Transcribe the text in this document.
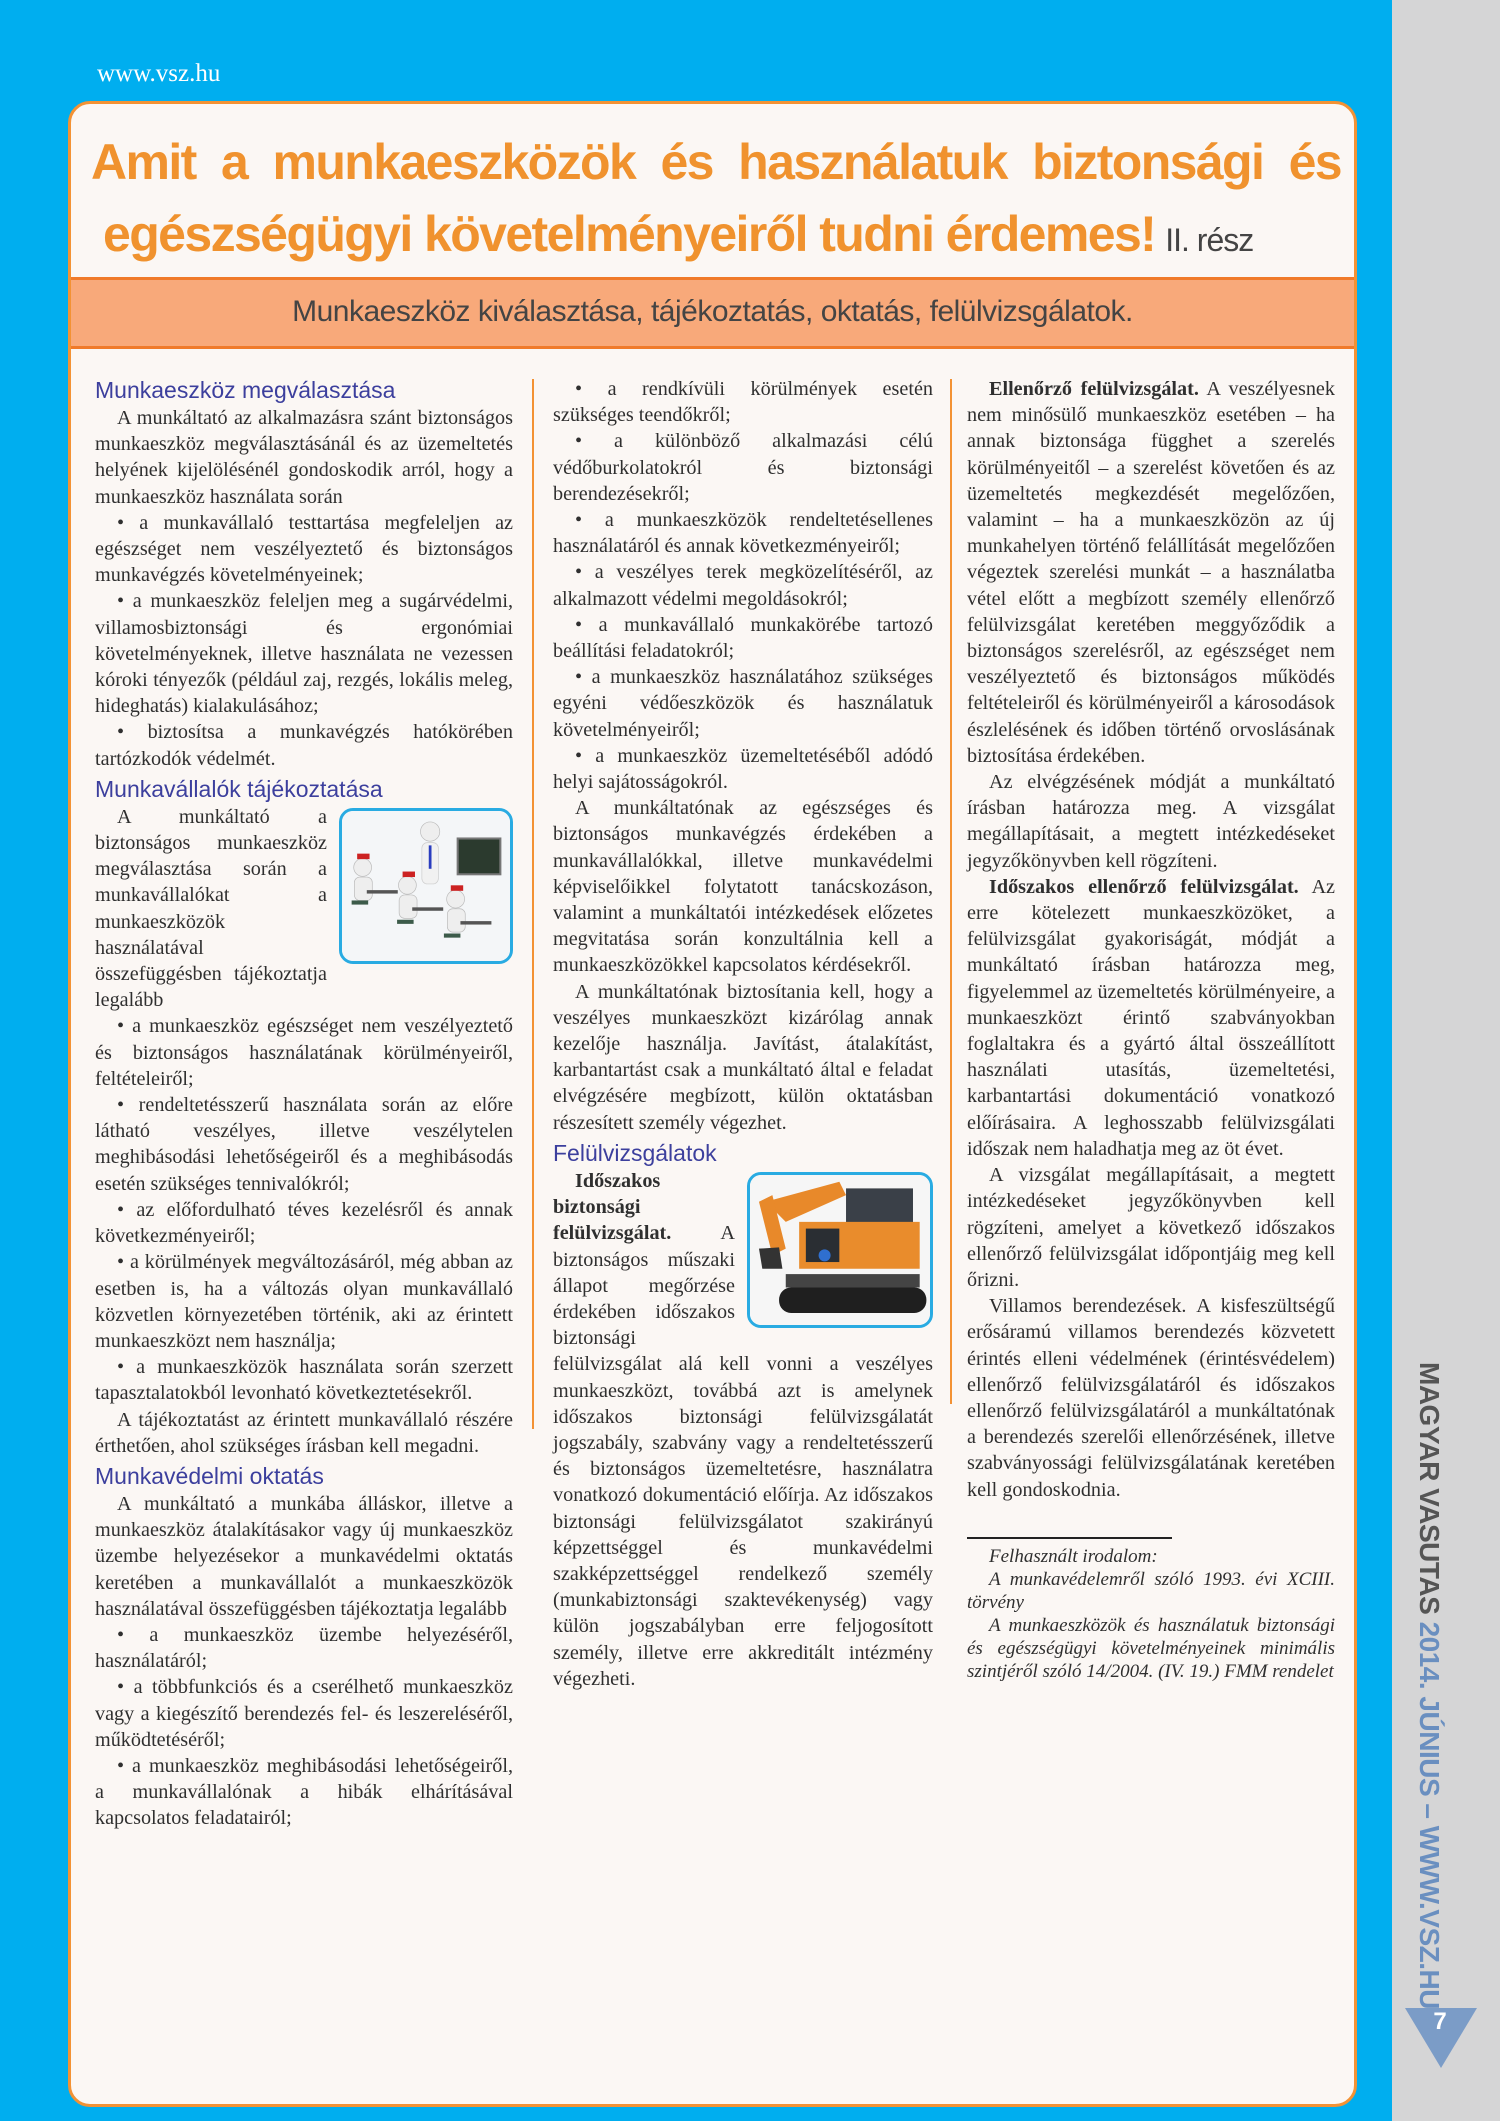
www.vsz.hu
Amit a munkaeszközök és használatuk biztonsági és
egészségügyi követelményeiről tudni érdemes! II. rész
Munkaeszköz kiválasztása, tájékoztatás, oktatás, felülvizsgálatok.
Munkaeszköz megválasztása

A munkáltató az alkalmazásra szánt biztonságos munkaeszköz megválasztásánál és az üzemeltetés helyének kijelölésénél gondoskodik arról, hogy a munkaeszköz használata során

• a munkavállaló testtartása megfeleljen az egészséget nem veszélyeztető és biztonságos munkavégzés követelményeinek;

• a munkaeszköz feleljen meg a sugárvédelmi, villamosbiztonsági és ergonómiai követelményeknek, illetve használata ne vezessen kóroki tényezők (például zaj, rezgés, lokális meleg, hideghatás) kialakulásához;

• biztosítsa a munkavégzés hatókörében tartózkodók védelmét.

Munkavállalók tájékoztatása

A munkáltató a biztonságos munkaeszköz megválasztása során a munkavállalókat a munkaeszközök használatával összefüggésben tájékoztatja legalább

• a munkaeszköz egészséget nem veszélyeztető és biztonságos használatának körülményeiről, feltételeiről;

• rendeltetésszerű használata során az előre látható veszélyes, illetve veszélytelen meghibásodási lehetőségeiről és a meghibásodás esetén szükséges tennivalókról;

• az előfordulható téves kezelésről és annak következményeiről;

• a körülmények megváltozásáról, még abban az esetben is, ha a változás olyan munkavállaló közvetlen környezetében történik, aki az érintett munkaeszközt nem használja;

• a munkaeszközök használata során szerzett tapasztalatokból levonható következtetésekről.

A tájékoztatást az érintett munkavállaló részére érthetően, ahol szükséges írásban kell megadni.

Munkavédelmi oktatás

A munkáltató a munkába álláskor, illetve a munkaeszköz átalakításakor vagy új munkaeszköz üzembe helyezésekor a munkavédelmi oktatás keretében a munkavállalót a munkaeszközök használatával összefüggésben tájékoztatja legalább

• a munkaeszköz üzembe helyezéséről, használatáról;

• a többfunkciós és a cserélhető munkaeszköz vagy a kiegészítő berendezés fel- és leszereléséről, működtetéséről;

• a munkaeszköz meghibásodási lehetőségeiről, a munkavállalónak a hibák elhárításával kapcsolatos feladatairól;

• a rendkívüli körülmények esetén szükséges teendőkről;

• a különböző alkalmazási célú védőburkolatokról és biztonsági berendezésekről;

• a munkaeszközök rendeltetésellenes használatáról és annak következményeiről;

• a veszélyes terek megközelítéséről, az alkalmazott védelmi megoldásokról;

• a munkavállaló munkakörébe tartozó beállítási feladatokról;

• a munkaeszköz használatához szükséges egyéni védőeszközök és használatuk követelményeiről;

• a munkaeszköz üzemeltetéséből adódó helyi sajátosságokról.

A munkáltatónak az egészséges és biztonságos munkavégzés érdekében a munkavállalókkal, illetve munkavédelmi képviselőikkel folytatott tanácskozáson, valamint a munkáltatói intézkedések előzetes megvitatása során konzultálnia kell a munkaeszközökkel kapcsolatos kérdésekről.

A munkáltatónak biztosítania kell, hogy a veszélyes munkaeszközt kizárólag annak kezelője használja. Javítást, átalakítást, karbantartást csak a munkáltató által e feladat elvégzésére megbízott, külön oktatásban részesített személy végezhet.

Felülvizsgálatok

Időszakos biztonsági felülvizsgálat. A biztonságos műszaki állapot megőrzése érdekében időszakos biztonsági felülvizsgálat alá kell vonni a veszélyes munkaeszközt, továbbá azt is amelynek időszakos biztonsági felülvizsgálatát jogszabály, szabvány vagy a rendeltetésszerű és biztonságos üzemeltetésre, használatra vonatkozó dokumentáció előírja. Az időszakos biztonsági felülvizsgálatot szakirányú képzettséggel és munkavédelmi szakképzettséggel rendelkező személy (munkabiztonsági szaktevékenység) vagy külön jogszabályban erre feljogosított személy, illetve erre akkreditált intézmény végezheti.

Ellenőrző felülvizsgálat. A veszélyesnek nem minősülő munkaeszköz esetében – ha annak biztonsága függhet a szerelés körülményeitől – a szerelést követően és az üzemeltetés megkezdését megelőzően, valamint – ha a munkaeszközön az új munkahelyen történő felállítását megelőzően végeztek szerelési munkát – a használatba vétel előtt a megbízott személy ellenőrző felülvizsgálat keretében meggyőződik a biztonságos szerelésről, az egészséget nem veszélyeztető és biztonságos működés feltételeiről és körülményeiről a károsodások észlelésének és időben történő orvoslásának biztosítása érdekében.

Az elvégzésének módját a munkáltató írásban határozza meg. A vizsgálat megállapításait, a megtett intézkedéseket jegyzőkönyvben kell rögzíteni.

Időszakos ellenőrző felülvizsgálat. Az erre kötelezett munkaeszközöket, a felülvizsgálat gyakoriságát, módját a munkáltató írásban határozza meg, figyelemmel az üzemeltetés körülményeire, a munkaeszközt érintő szabványokban foglaltakra és a gyártó által összeállított használati utasítás, üzemeltetési, karbantartási dokumentáció vonatkozó előírásaira. A leghosszabb felülvizsgálati időszak nem haladhatja meg az öt évet.

A vizsgálat megállapításait, a megtett intézkedéseket jegyzőkönyvben kell rögzíteni, amelyet a következő időszakos ellenőrző felülvizsgálat időpontjáig meg kell őrizni.

Villamos berendezések. A kisfeszültségű erősáramú villamos berendezés közvetett érintés elleni védelmének (érintésvédelem) ellenőrző felülvizsgálatáról és időszakos ellenőrző felülvizsgálatáról a munkáltatónak a berendezés szerelői ellenőrzésének, illetve szabványossági felülvizsgálatának keretében kell gondoskodnia.

Felhasznált irodalom:

A munkavédelemről szóló 1993. évi XCIII. törvény

A munkaeszközök és használatuk biztonsági és egészségügyi követelményeinek minimális szintjéről szóló 14/2004. (IV. 19.) FMM rendelet

MAGYAR VASUTAS 2014. JÚNIUS – WWW.VSZ.HU
7
